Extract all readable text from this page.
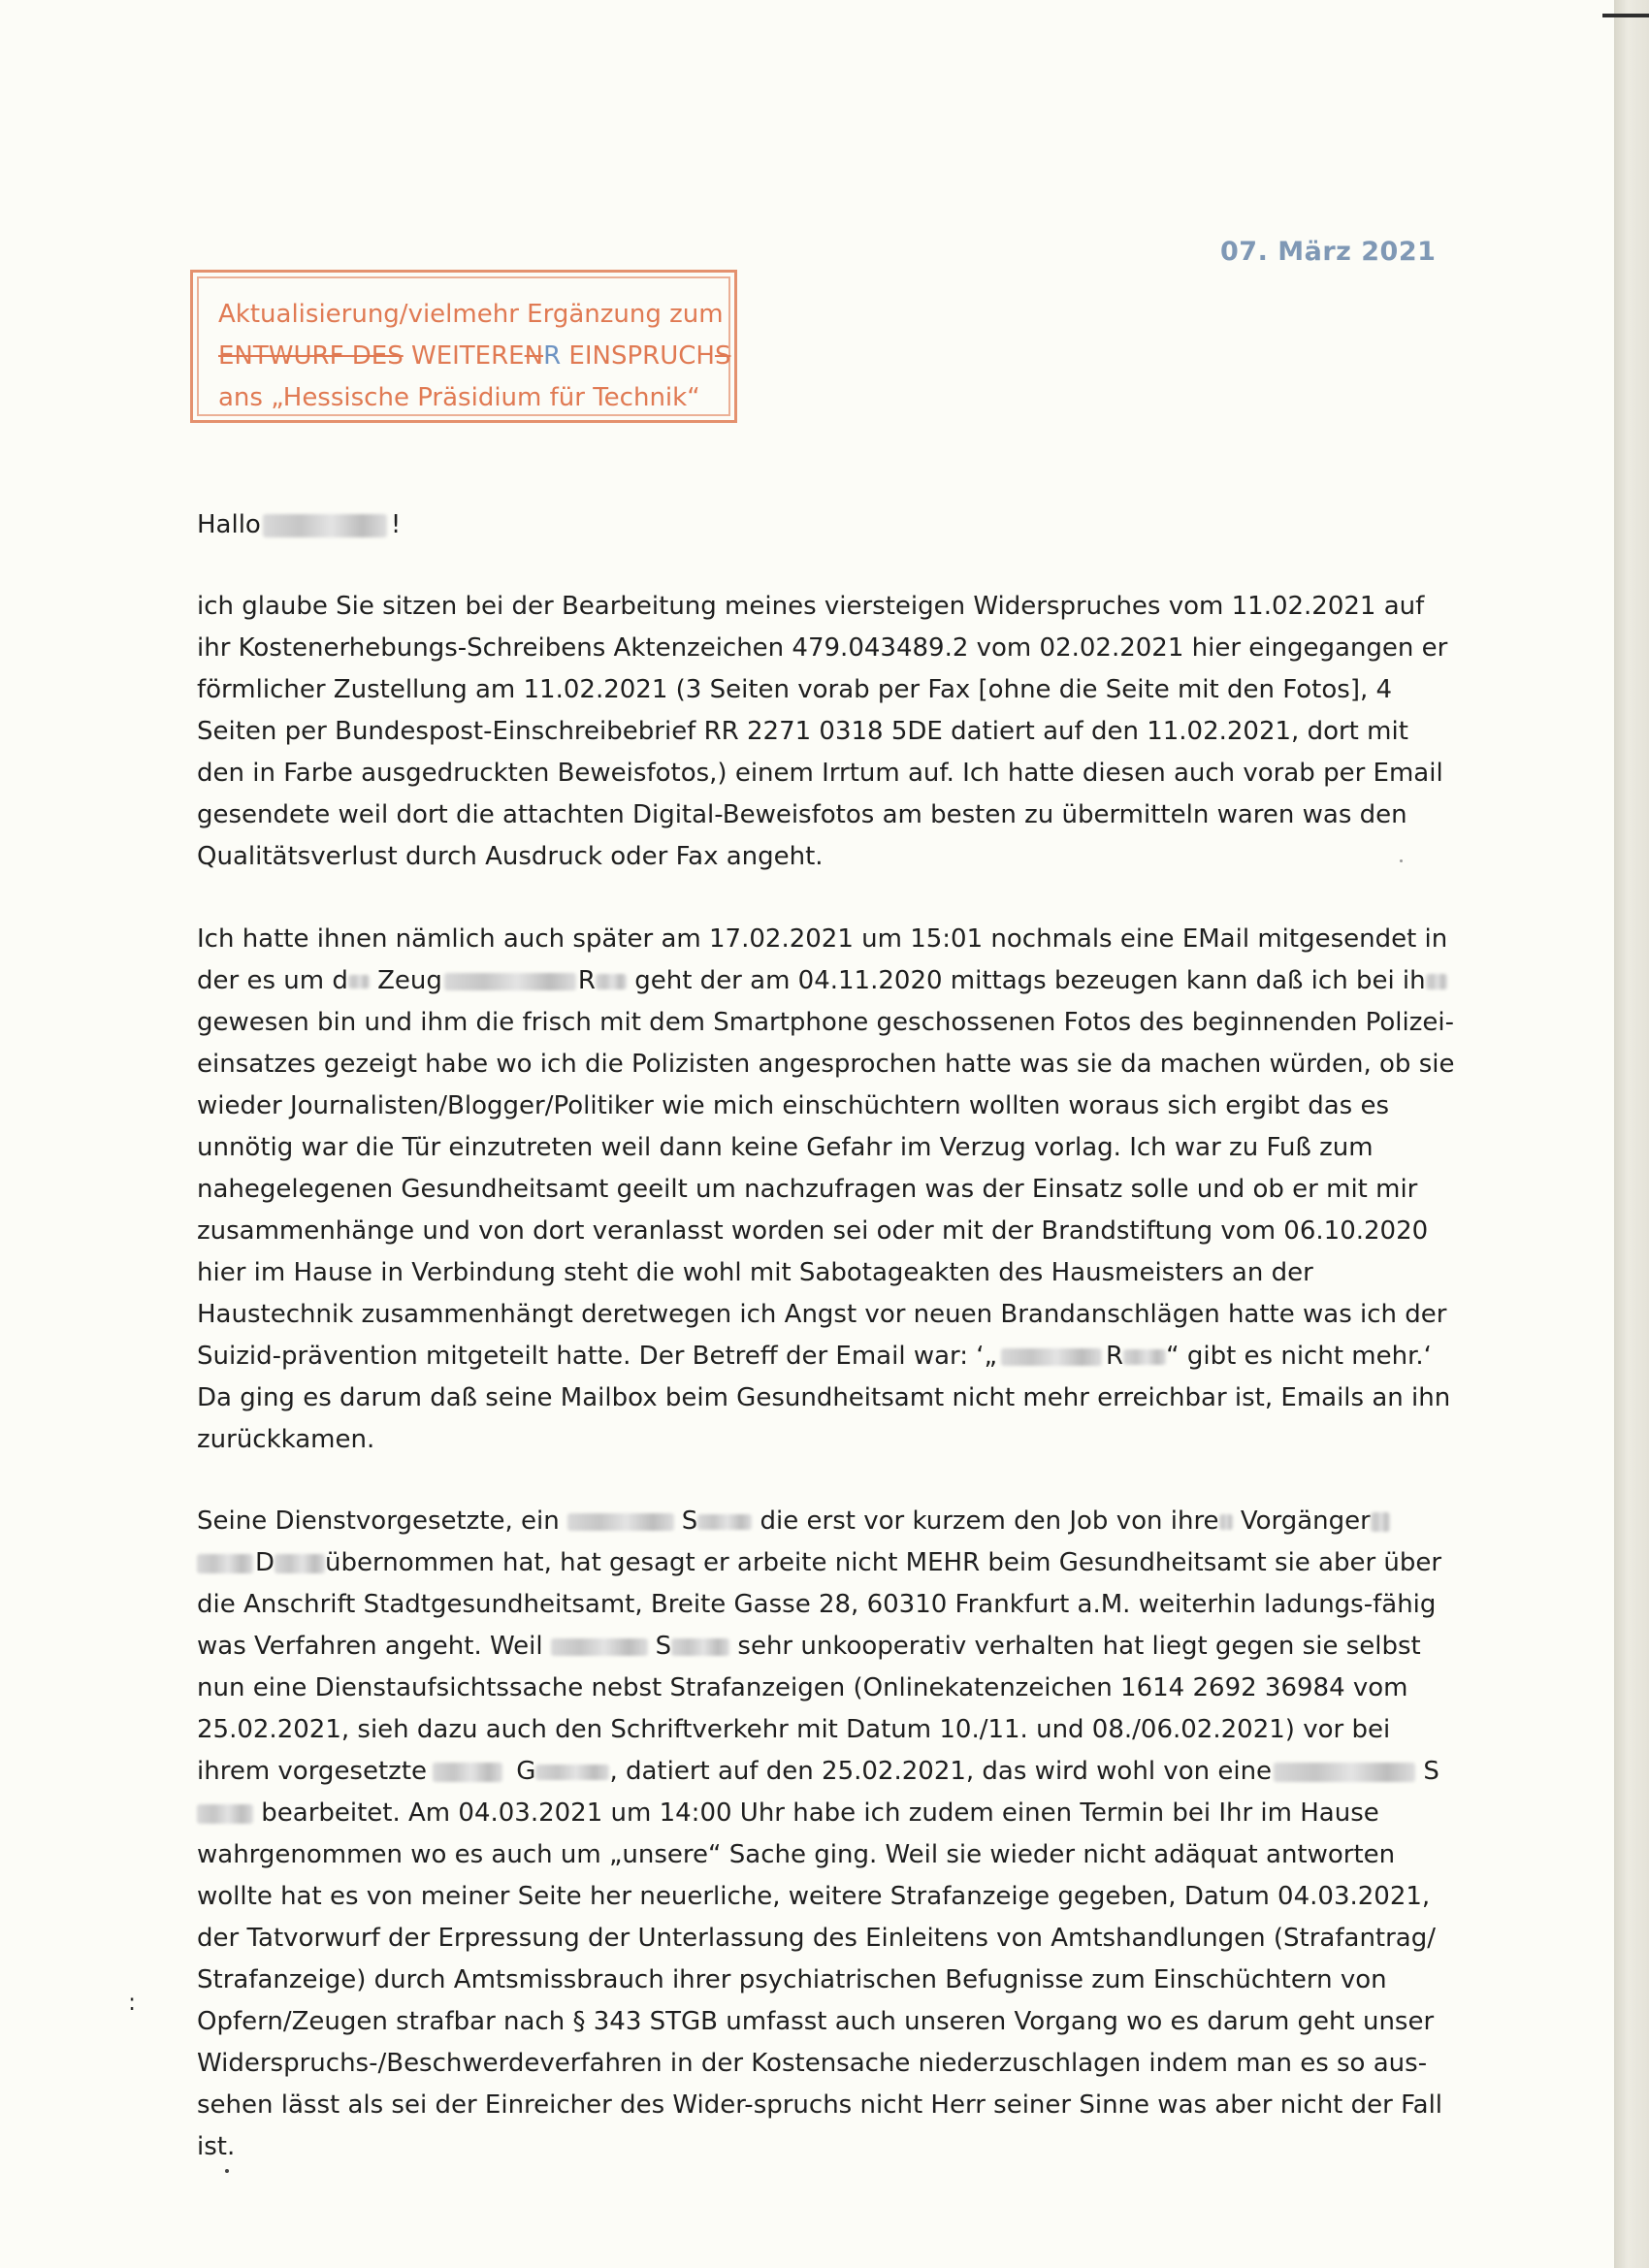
07. März 2021

Aktualisierung/vielmehr Ergänzung zum
ENTWURF DES WEITERENR EINSPRUCHS
ans „Hessische Präsidium für Technik“

Hallo	!

ich glaube Sie sitzen bei der Bearbeitung meines viersteigen Widerspruches vom 11.02.2021 auf ihr Kostenerhebungs-Schreibens Aktenzeichen 479.043489.2 vom 02.02.2021 hier eingegangen er förmlicher Zustellung am 11.02.2021 (3 Seiten vorab per Fax [ohne die Seite mit den Fotos], 4 Seiten per Bundespost-Einschreibebrief RR 2271 0318 5DE datiert auf den 11.02.2021, dort mit den in Farbe ausgedruckten Beweisfotos,) einem Irrtum auf. Ich hatte diesen auch vorab per Email gesendete weil dort die attachten Digital-Beweisfotos am besten zu übermitteln waren was den Qualitätsverlust durch Ausdruck oder Fax angeht.

Ich hatte ihnen nämlich auch später am 17.02.2021 um 15:01 nochmals eine EMail mitgesendet in
der es um d Zeug	R geht der am 04.11.2020 mittags bezeugen kann daß ich bei ih gewesen bin und ihm die frisch mit dem Smartphone geschossenen Fotos des beginnenden Polizei-einsatzes gezeigt habe wo ich die Polizisten angesprochen hatte was sie da machen würden, ob sie wieder Journalisten/Blogger/Politiker wie mich einschüchtern wollten woraus sich ergibt das es unnötig war die Tür einzutreten weil dann keine Gefahr im Verzug vorlag. Ich war zu Fuß zum nahegelegenen Gesundheitsamt geeilt um nachzufragen was der Einsatz solle und ob er mit mir zusammenhänge und von dort veranlasst worden sei oder mit der Brandstiftung vom 06.10.2020 hier im Hause in Verbindung steht die wohl mit Sabotageakten des Hausmeisters an der Haustechnik zusammenhängt deretwegen ich Angst vor neuen Brandanschlägen hatte was ich der Suizid-prävention mitgeteilt hatte. Der Betreff der Email war: ‘„	R “ gibt es nicht mehr.‘
Da ging es darum daß seine Mailbox beim Gesundheitsamt nicht mehr erreichbar ist, Emails an ihn zurückkamen.

Seine Dienstvorgesetzte, ein	S die erst vor kurzem den Job von ihre Vorgänger D übernommen hat, hat gesagt er arbeite nicht MEHR beim Gesundheitsamt sie aber über die Anschrift Stadtgesundheitsamt, Breite Gasse 28, 60310 Frankfurt a.M. weiterhin ladungs-fähig was Verfahren angeht. Weil	S sehr unkooperativ verhalten hat liegt gegen sie selbst nun eine Dienstaufsichtssache nebst Strafanzeigen (Onlinekatenzeichen 1614 2692 36984 vom 25.02.2021, sieh dazu auch den Schriftverkehr mit Datum 10./11. und 08./06.02.2021) vor bei ihrem vorgesetzte	G	, datiert auf den 25.02.2021, das wird wohl von eine	S bearbeitet. Am 04.03.2021 um 14:00 Uhr habe ich zudem einen Termin bei Ihr im Hause wahrgenommen wo es auch um „unsere“ Sache ging. Weil sie wieder nicht adäquat antworten wollte hat es von meiner Seite her neuerliche, weitere Strafanzeige gegeben, Datum 04.03.2021, der Tatvorwurf der Erpressung der Unterlassung des Einleitens von Amtshandlungen (Strafantrag/ Strafanzeige) durch Amtsmissbrauch ihrer psychiatrischen Befugnisse zum Einschüchtern von Opfern/Zeugen strafbar nach § 343 STGB umfasst auch unseren Vorgang wo es darum geht unser Widerspruchs-/Beschwerdeverfahren in der Kostensache niederzuschlagen indem man es so aus-sehen lässt als sei der Einreicher des Wider-spruchs nicht Herr seiner Sinne was aber nicht der Fall ist.

:
